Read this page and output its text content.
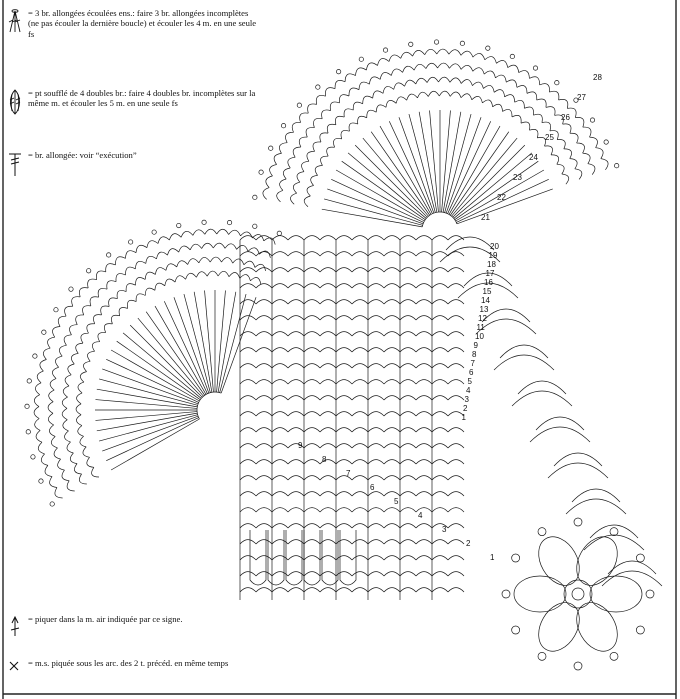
1
2
3
4
5
6
7
8
9
10
11
12
13
14
15
16
17
18
19
20
21
22
23
24
25
26
27
28
1
2
3
4
5
6
7
8
9
= 3 br. allongées écoulées ens.: faire 3 br. allongées incomplètes (ne pas écouler la dernière boucle) et écouler les 4 m. en une seule fs
= pt soufflé de 4 doubles br.: faire 4 doubles br. incomplètes sur la même m. et écouler les 5 m. en une seule fs
= br. allongée: voir “exécution”
= piquer dans la m. air indiquée par ce signe.
= m.s. piquée sous les arc. des 2 t. précéd. en même temps
